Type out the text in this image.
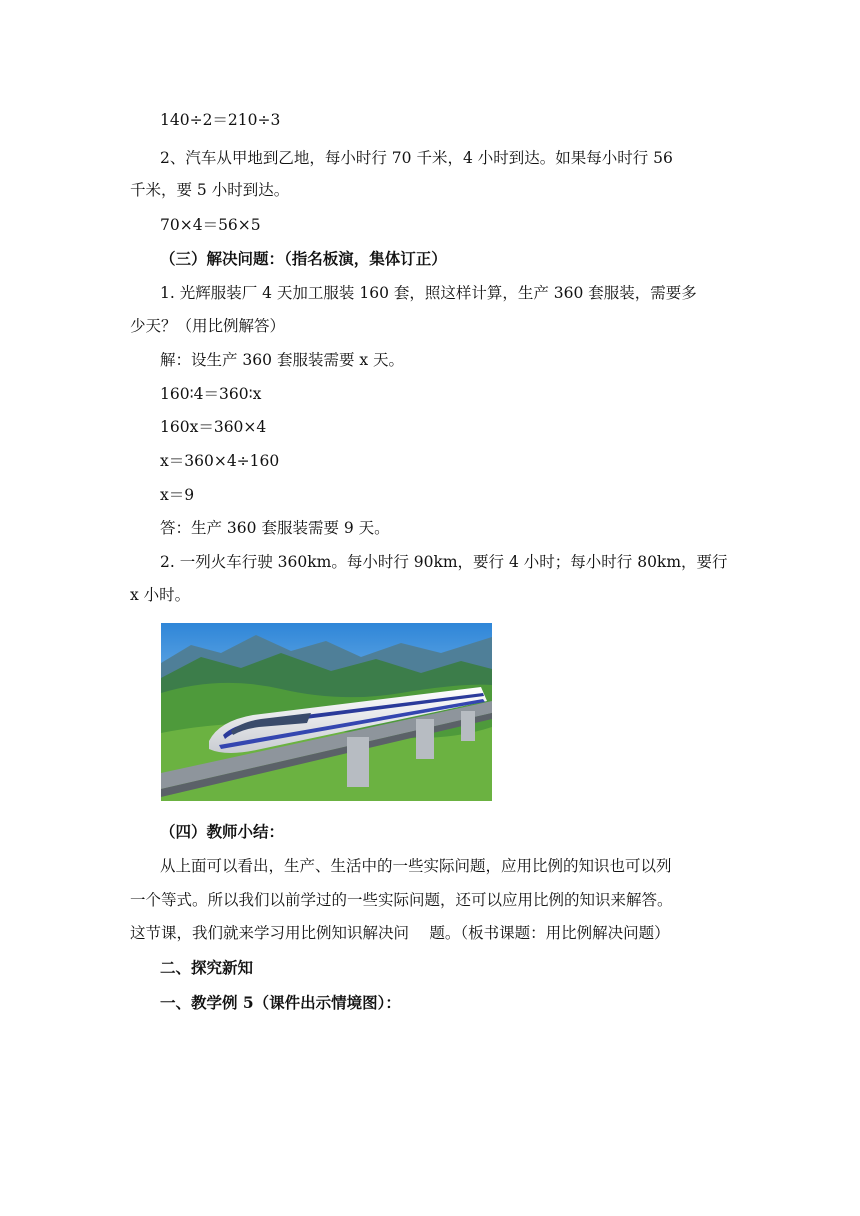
140÷2＝210÷3
2、汽车从甲地到乙地，每小时行 70 千米，4 小时到达。如果每小时行 56
千米，要 5 小时到达。
70×4＝56×5
（三）解决问题：（指名板演，集体订正）
1. 光辉服装厂 4 天加工服装 160 套，照这样计算，生产 360 套服装，需要多
少天？（用比例解答）
解：设生产 360 套服装需要 x 天。
160∶4＝360∶x
160x＝360×4
x＝360×4÷160
x＝9
答：生产 360 套服装需要 9 天。
2. 一列火车行驶 360km。每小时行 90km，要行 4 小时；每小时行 80km，要行
x 小时。
（四）教师小结：
从上面可以看出，生产、生活中的一些实际问题，应用比例的知识也可以列
一个等式。所以我们以前学过的一些实际问题，还可以应用比例的知识来解答。
这节课，我们就来学习用比例知识解决问　 题。（板书课题：用比例解决问题）
二、探究新知
一、教学例 5（课件出示情境图）：
